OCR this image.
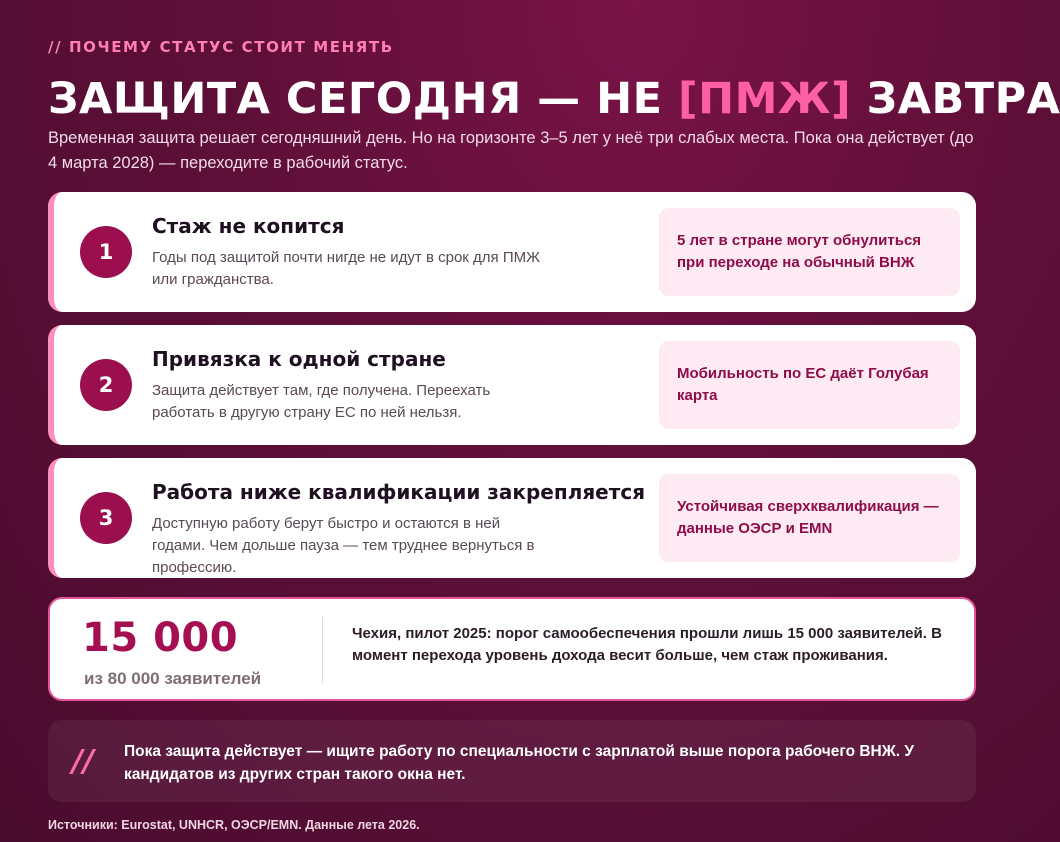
// ПОЧЕМУ СТАТУС СТОИТ МЕНЯТЬ
ЗАЩИТА СЕГОДНЯ — НЕ [ПМЖ] ЗАВТРА
Временная защита решает сегодняшний день. Но на горизонте 3–5 лет у неё три слабых места. Пока она действует (до 4 марта 2028) — переходите в рабочий статус.
1
Стаж не копится
Годы под защитой почти нигде не идут в срок для ПМЖ или гражданства.
5 лет в стране могут обнулиться при переходе на обычный ВНЖ
2
Привязка к одной стране
Защита действует там, где получена. Переехать работать в другую страну ЕС по ней нельзя.
Мобильность по ЕС даёт Голубая карта
3
Работа ниже квалификации закрепляется
Доступную работу берут быстро и остаются в ней годами. Чем дольше пауза — тем труднее вернуться в профессию.
Устойчивая сверхквалификация — данные ОЭСР и EMN
15 000
из 80 000 заявителей
Чехия, пилот 2025: порог самообеспечения прошли лишь 15 000 заявителей. В момент перехода уровень дохода весит больше, чем стаж проживания.
// Пока защита действует — ищите работу по специальности с зарплатой выше порога рабочего ВНЖ. У кандидатов из других стран такого окна нет.
Источники: Eurostat, UNHCR, ОЭСР/EMN. Данные лета 2026.
